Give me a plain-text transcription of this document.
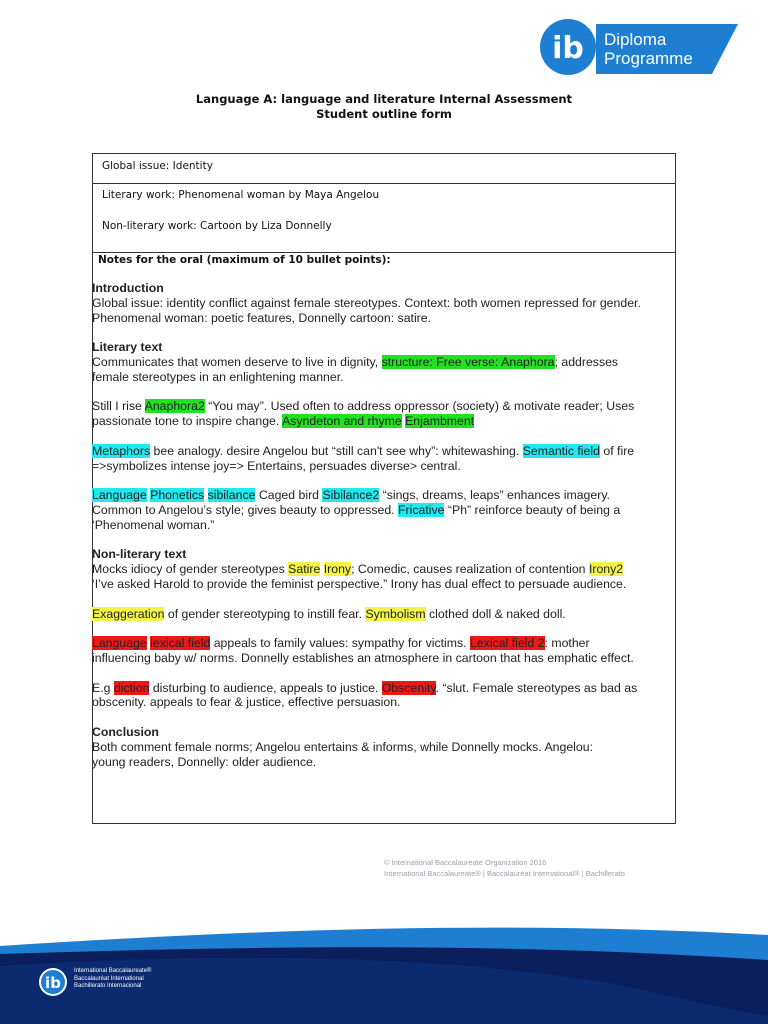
ib Diploma
Programme
Language A: language and literature Internal Assessment
Student outline form
Global issue: Identity
Literary work: Phenomenal woman by Maya Angelou
Non-literary work: Cartoon by Liza Donnelly
Notes for the oral (maximum of 10 bullet points):
Introduction

Global issue: identity conflict against female stereotypes. Context: both women repressed for gender.

Phenomenal woman: poetic features, Donnelly cartoon: satire.

Literary text

Communicates that women deserve to live in dignity, structure: Free verse: Anaphora; addresses

female stereotypes in an enlightening manner.

Still I rise Anaphora2 “You may”. Used often to address oppressor (society) & motivate reader; Uses

passionate tone to inspire change. Asyndeton and rhyme Enjambment

Metaphors bee analogy. desire Angelou but “still can't see why”: whitewashing. Semantic field of fire

=>symbolizes intense joy=> Entertains, persuades diverse> central.

Language Phonetics sibilance Caged bird Sibilance2 “sings, dreams, leaps” enhances imagery.

Common to Angelou’s style; gives beauty to oppressed. Fricative “Ph” reinforce beauty of being a

‘Phenomenal woman.”

Non-literary text

Mocks idiocy of gender stereotypes Satire Irony; Comedic, causes realization of contention Irony2

‘I’ve asked Harold to provide the feminist perspective.” Irony has dual effect to persuade audience.

Exaggeration of gender stereotyping to instill fear. Symbolism clothed doll & naked doll.

Language lexical field appeals to family values: sympathy for victims. Lexical field 2: mother

influencing baby w/ norms. Donnelly establishes an atmosphere in cartoon that has emphatic effect.

E.g diction disturbing to audience, appeals to justice. Obscenity. “slut. Female stereotypes as bad as

obscenity. appeals to fear & justice, effective persuasion.

Conclusion

Both comment female norms; Angelou entertains & informs, while Donnelly mocks. Angelou:

young readers, Donnelly: older audience.

© International Baccalaureate Organization 2016
International Baccalaureate® | Baccalauréat International® | Bachillerato
ib
International Baccalaureate®
Baccalauréat International
Bachillerato Internacional
